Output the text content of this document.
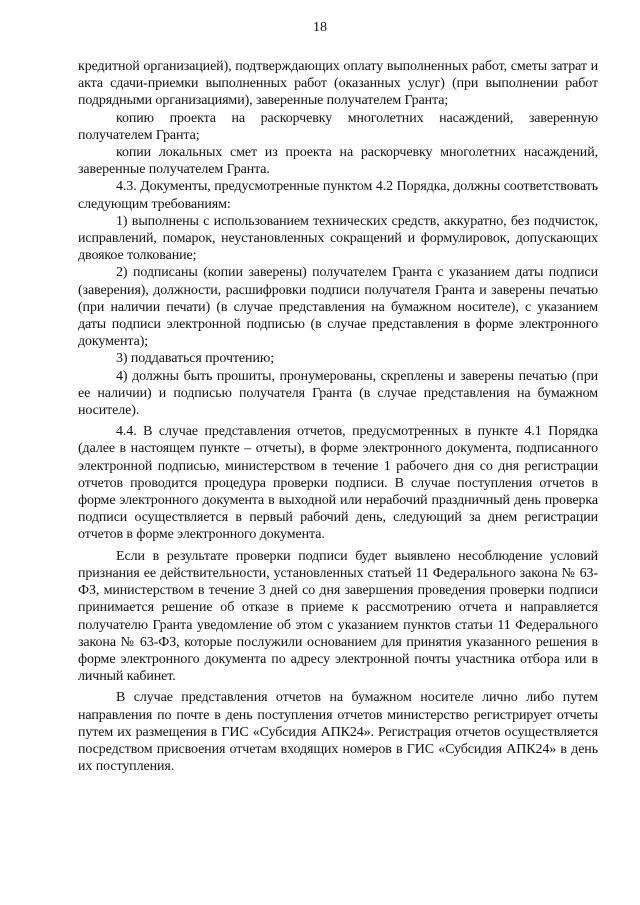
18

кредитной организацией), подтверждающих оплату выполненных работ, сметы затрат и акта сдачи-приемки выполненных работ (оказанных услуг) (при выполнении работ подрядными организациями), заверенные получателем Гранта;

копию проекта на раскорчевку многолетних насаждений, заверенную получателем Гранта;

копии локальных смет из проекта на раскорчевку многолетних насаждений, заверенные получателем Гранта.

4.3. Документы, предусмотренные пунктом 4.2 Порядка, должны соответствовать следующим требованиям:

1) выполнены с использованием технических средств, аккуратно, без подчисток, исправлений, помарок, неустановленных сокращений и формулировок, допускающих двоякое толкование;

2) подписаны (копии заверены) получателем Гранта с указанием даты подписи (заверения), должности, расшифровки подписи получателя Гранта и заверены печатью (при наличии печати) (в случае представления на бумажном носителе), с указанием даты подписи электронной подписью (в случае представления в форме электронного документа);

3) поддаваться прочтению;

4) должны быть прошиты, пронумерованы, скреплены и заверены печатью (при ее наличии) и подписью получателя Гранта (в случае представления на бумажном носителе).

4.4. В случае представления отчетов, предусмотренных в пункте 4.1 Порядка (далее в настоящем пункте – отчеты), в форме электронного документа, подписанного электронной подписью, министерством в течение 1 рабочего дня со дня регистрации отчетов проводится процедура проверки подписи. В случае поступления отчетов в форме электронного документа в выходной или нерабочий праздничный день проверка подписи осуществляется в первый рабочий день, следующий за днем регистрации отчетов в форме электронного документа.

Если в результате проверки подписи будет выявлено несоблюдение условий признания ее действительности, установленных статьей 11 Федерального закона № 63-ФЗ, министерством в течение 3 дней со дня завершения проведения проверки подписи принимается решение об отказе в приеме к рассмотрению отчета и направляется получателю Гранта уведомление об этом с указанием пунктов статьи 11 Федерального закона № 63-ФЗ, которые послужили основанием для принятия указанного решения в форме электронного документа по адресу электронной почты участника отбора или в личный кабинет.

В случае представления отчетов на бумажном носителе лично либо путем направления по почте в день поступления отчетов министерство регистрирует отчеты путем их размещения в ГИС «Субсидия АПК24». Регистрация отчетов осуществляется посредством присвоения отчетам входящих номеров в ГИС «Субсидия АПК24» в день их поступления.
